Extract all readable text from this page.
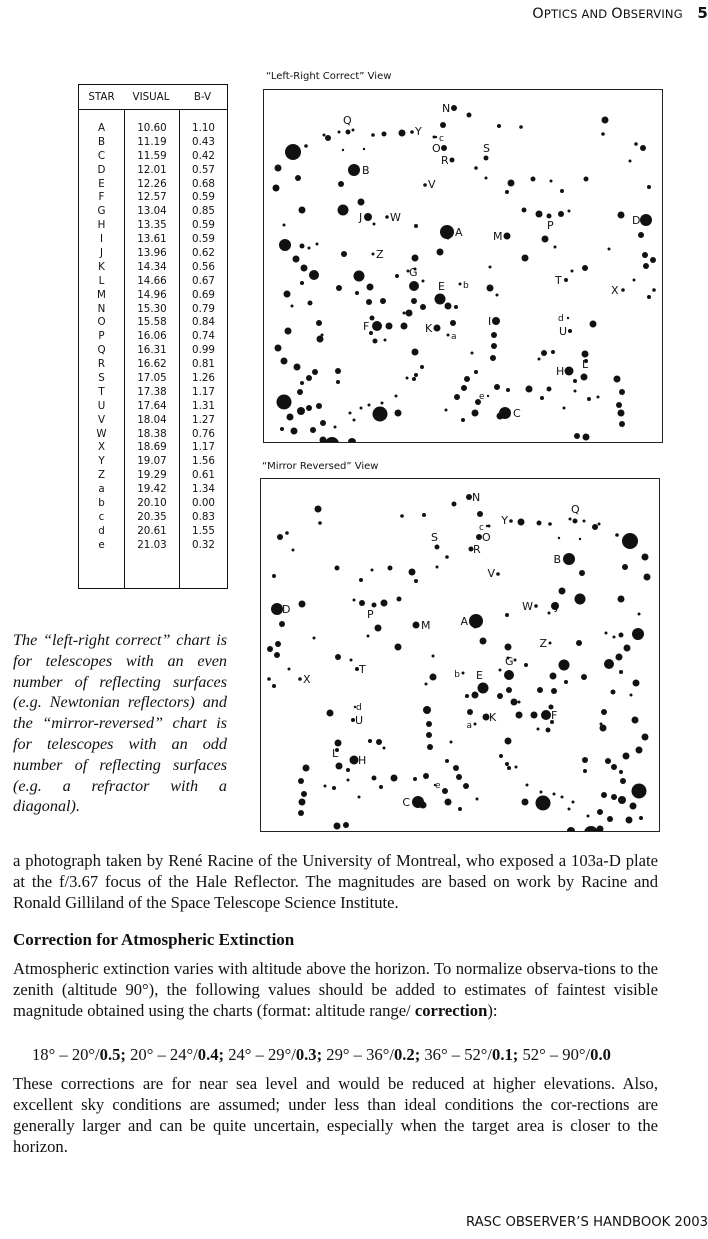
OPTICS AND OBSERVING 5
STAR	VISUAL	B-V
A
B
C
D
E
F
G
H
I
J
K
L
M
N
O
P
Q
R
S
T
U
V
W
X
Y
Z
a
b
c
d
e
10.60
11.19
11.59
12.01
12.26
12.57
13.04
13.35
13.61
13.96
14.34
14.66
14.96
15.30
15.58
16.06
16.31
16.62
17.05
17.38
17.64
18.04
18.38
18.69
19.07
19.29
19.42
20.10
20.35
20.61
21.03
1.10
0.43
0.42
0.57
0.68
0.59
0.85
0.59
0.59
0.62
0.56
0.67
0.69
0.79
0.84
0.74
0.99
0.81
1.26
1.17
1.31
1.27
0.76
1.17
1.56
0.61
1.34
0.00
0.83
1.55
0.32
The “left-right correct” chart is for telescopes with an even number of reflecting surfaces (e.g. Newtonian reflectors) and the “mirror-reversed” chart is for telescopes with an odd number of reflecting surfaces (e.g. a refractor with a diagonal).
“Left-Right Correct” View
A
B
C
D
E
F
G
H
I
J
K
L
M
N
O
P
Q
R
S
T
U
V
W
X
Y
Z
a
b
c
d
e
“Mirror Reversed” View
A
B
C
D
E
F
G
H
I
J
K
L
M
N
O
P
Q
R
S
T
U
V
W
X
Y
Z
a
b
c
d
e

a photograph taken by René Racine of the University of Montreal, who exposed a 103a-D plate at the f/3.67 focus of the Hale Reflector. The magnitudes are based on work by Racine and Ronald Gilliland of the Space Telescope Science Institute.

Correction for Atmospheric Extinction

Atmospheric extinction varies with altitude above the horizon. To normalize observa-tions to the zenith (altitude 90°), the following values should be added to estimates of faintest visible magnitude obtained using the charts (format: altitude range/ correction):

18° – 20°/0.5; 20° – 24°/0.4; 24° – 29°/0.3; 29° – 36°/0.2; 36° – 52°/0.1; 52° – 90°/0.0

These corrections are for near sea level and would be reduced at higher elevations. Also, excellent sky conditions are assumed; under less than ideal conditions the cor-rections are generally larger and can be quite uncertain, especially when the target area is closer to the horizon.

RASC OBSERVER’S HANDBOOK 2003
